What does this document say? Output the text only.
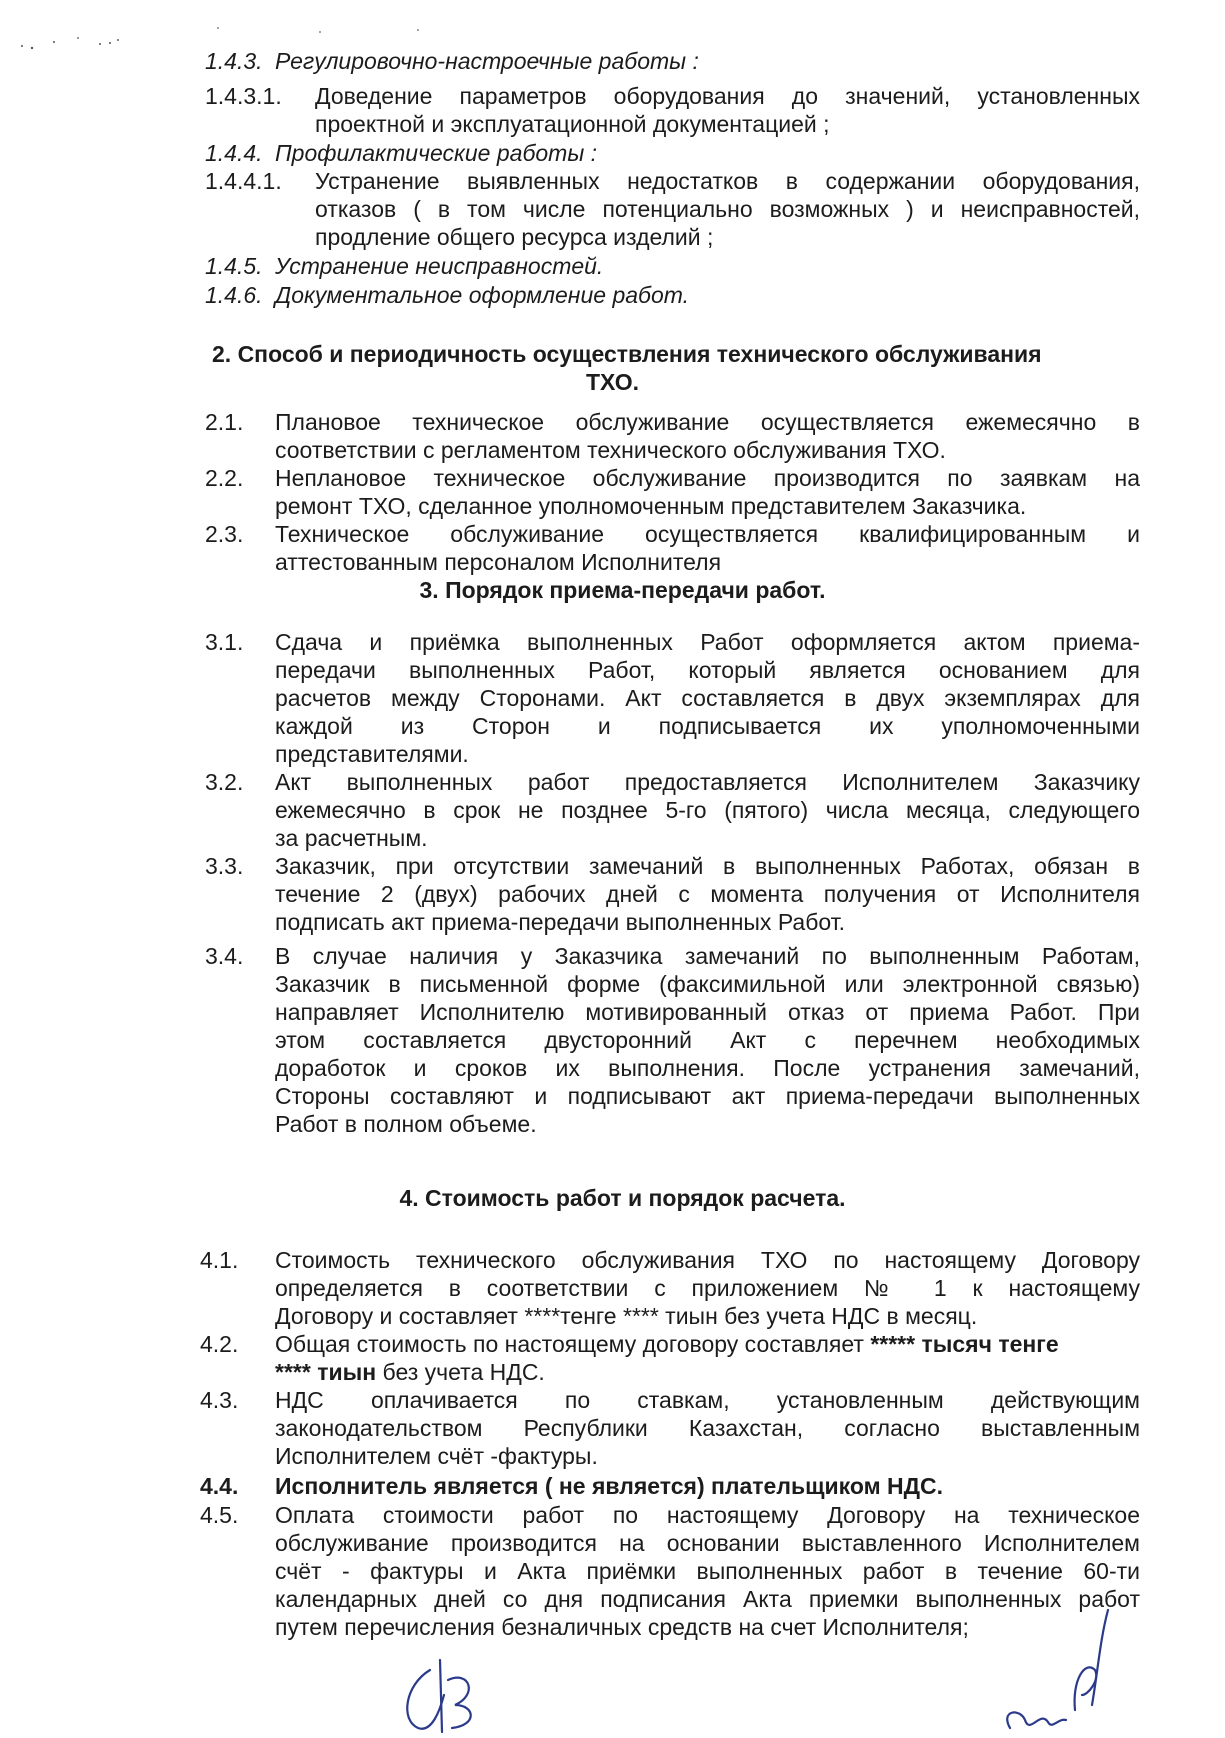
1.4.3. Регулировочно-настроечные работы :
1.4.3.1. Доведение параметров оборудования до значений, установленных
проектной и эксплуатационной документацией ;
1.4.4. Профилактические работы :
1.4.4.1. Устранение выявленных недостатков в содержании оборудования,
отказов ( в том числе потенциально возможных ) и неисправностей,
продление общего ресурса изделий ;
1.4.5. Устранение неисправностей.
1.4.6. Документальное оформление работ.
2. Способ и периодичность осуществления технического обслуживания
ТХО.
2.1. Плановое техническое обслуживание осуществляется ежемесячно в
соответствии с регламентом технического обслуживания ТХО.
2.2. Неплановое техническое обслуживание производится по заявкам на
ремонт ТХО, сделанное уполномоченным представителем Заказчика.
2.3. Техническое обслуживание осуществляется квалифицированным и
аттестованным персоналом Исполнителя
3. Порядок приема-передачи работ.
3.1. Сдача и приёмка выполненных Работ оформляется актом приема-
передачи выполненных Работ, который является основанием для
расчетов между Сторонами. Акт составляется в двух экземплярах для
каждой из Сторон и подписывается их уполномоченными
представителями.
3.2. Акт выполненных работ предоставляется Исполнителем Заказчику
ежемесячно в срок не позднее 5-го (пятого) числа месяца, следующего
за расчетным.
3.3. Заказчик, при отсутствии замечаний в выполненных Работах, обязан в
течение 2 (двух) рабочих дней с момента получения от Исполнителя
подписать акт приема-передачи выполненных Работ.
3.4. В случае наличия у Заказчика замечаний по выполненным Работам,
Заказчик в письменной форме (факсимильной или электронной связью)
направляет Исполнителю мотивированный отказ от приема Работ. При
этом составляется двусторонний Акт с перечнем необходимых
доработок и сроков их выполнения. После устранения замечаний,
Стороны составляют и подписывают акт приема-передачи выполненных
Работ в полном объеме.
4. Стоимость работ и порядок расчета.
4.1. Стоимость технического обслуживания ТХО по настоящему Договору
определяется в соответствии с приложением № 1 к настоящему
Договору и составляет ****тенге **** тиын без учета НДС в месяц.
4.2. Общая стоимость по настоящему договору составляет ***** тысяч тенге
**** тиын без учета НДС.
4.3. НДС оплачивается по ставкам, установленным действующим
законодательством Республики Казахстан, согласно выставленным
Исполнителем счёт -фактуры.
4.4. Исполнитель является ( не является) плательщиком НДС.
4.5. Оплата стоимости работ по настоящему Договору на техническое
обслуживание производится на основании выставленного Исполнителем
счёт - фактуры и Акта приёмки выполненных работ в течение 60-ти
календарных дней со дня подписания Акта приемки выполненных работ
путем перечисления безналичных средств на счет Исполнителя;
